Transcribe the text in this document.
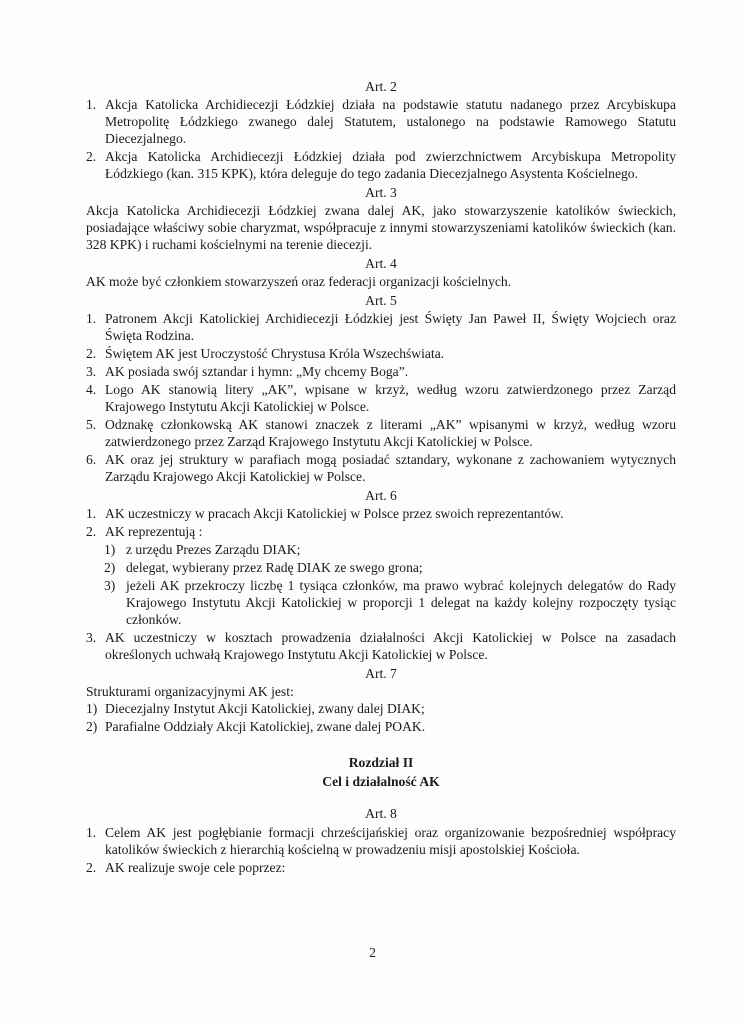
Art. 2
1. Akcja Katolicka Archidiecezji Łódzkiej działa na podstawie statutu nadanego przez Arcybiskupa Metropolitę Łódzkiego zwanego dalej Statutem, ustalonego na podstawie Ramowego Statutu Diecezjalnego.
2. Akcja Katolicka Archidiecezji Łódzkiej działa pod zwierzchnictwem Arcybiskupa Metropolity Łódzkiego (kan. 315 KPK), która deleguje do tego zadania Diecezjalnego Asystenta Kościelnego.
Art. 3
Akcja Katolicka Archidiecezji Łódzkiej zwana dalej AK, jako stowarzyszenie katolików świeckich, posiadające właściwy sobie charyzmat, współpracuje z innymi stowarzyszeniami katolików świeckich (kan. 328 KPK) i ruchami kościelnymi na terenie diecezji.
Art. 4
AK może być członkiem stowarzyszeń oraz federacji organizacji kościelnych.
Art. 5
1. Patronem Akcji Katolickiej Archidiecezji Łódzkiej jest Święty Jan Paweł II, Święty Wojciech oraz Święta Rodzina.
2. Świętem AK jest Uroczystość Chrystusa Króla Wszechświata.
3. AK posiada swój sztandar i hymn: „My chcemy Boga”.
4. Logo AK stanowią litery „AK”, wpisane w krzyż, według wzoru zatwierdzonego przez Zarząd Krajowego Instytutu Akcji Katolickiej w Polsce.
5. Odznakę członkowską AK stanowi znaczek z literami „AK” wpisanymi w krzyż, według wzoru zatwierdzonego przez Zarząd Krajowego Instytutu Akcji Katolickiej w Polsce.
6. AK oraz jej struktury w parafiach mogą posiadać sztandary, wykonane z zachowaniem wytycznych Zarządu Krajowego Akcji Katolickiej w Polsce.
Art. 6
1. AK uczestniczy w pracach Akcji Katolickiej w Polsce przez swoich reprezentantów.
2. AK reprezentują :
1) z urzędu Prezes Zarządu DIAK;
2) delegat, wybierany przez Radę DIAK ze swego grona;
3) jeżeli AK przekroczy liczbę 1 tysiąca członków, ma prawo wybrać kolejnych delegatów do Rady Krajowego Instytutu Akcji Katolickiej w proporcji 1 delegat na każdy kolejny rozpoczęty tysiąc członków.
3. AK uczestniczy w kosztach prowadzenia działalności Akcji Katolickiej w Polsce na zasadach określonych uchwałą Krajowego Instytutu Akcji Katolickiej w Polsce.
Art. 7
Strukturami organizacyjnymi AK jest:
1) Diecezjalny Instytut Akcji Katolickiej, zwany dalej DIAK;
2) Parafialne Oddziały Akcji Katolickiej, zwane dalej POAK.
Rozdział II
Cel i działalność AK
Art. 8
1. Celem AK jest pogłębianie formacji chrześcijańskiej oraz organizowanie bezpośredniej współpracy katolików świeckich z hierarchią kościelną w prowadzeniu misji apostolskiej Kościoła.
2. AK realizuje swoje cele poprzez:
2
